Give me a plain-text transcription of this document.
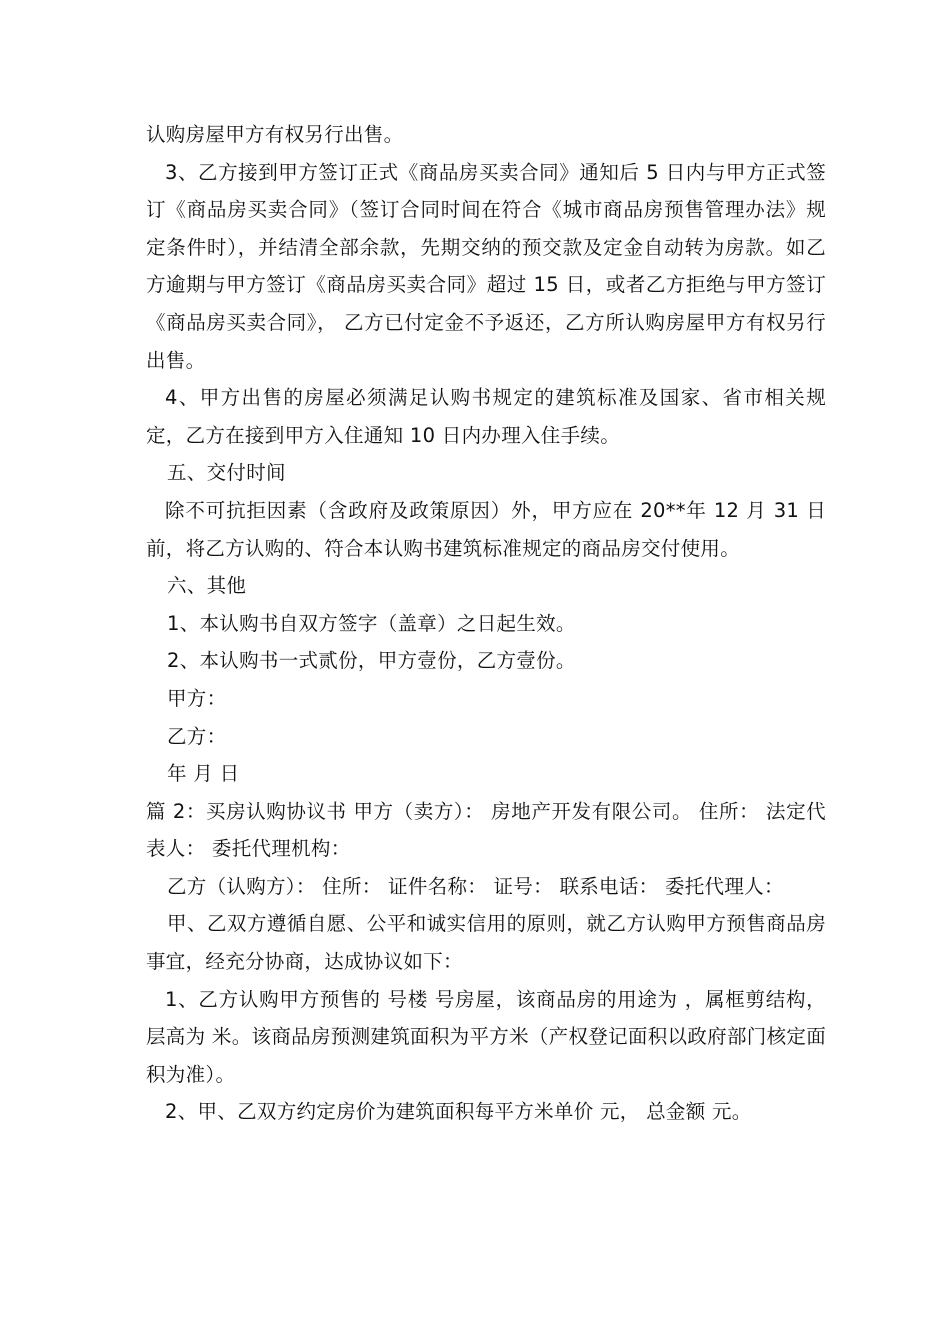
认购房屋甲方有权另行出售。

3、乙方接到甲方签订正式《商品房买卖合同》通知后 5 日内与甲方正式签订《商品房买卖合同》（签订合同时间在符合《城市商品房预售管理办法》规定条件时），并结清全部余款，先期交纳的预交款及定金自动转为房款。如乙方逾期与甲方签订《商品房买卖合同》超过 15 日，或者乙方拒绝与甲方签订《商品房买卖合同》， 乙方已付定金不予返还，乙方所认购房屋甲方有权另行出售。

4、甲方出售的房屋必须满足认购书规定的建筑标准及国家、省市相关规定，乙方在接到甲方入住通知 10 日内办理入住手续。

五、交付时间

除不可抗拒因素（含政府及政策原因）外，甲方应在 20**年 12 月 31 日前，将乙方认购的、符合本认购书建筑标准规定的商品房交付使用。

六、其他

1、本认购书自双方签字（盖章）之日起生效。

2、本认购书一式贰份，甲方壹份，乙方壹份。

甲方：

乙方：

年 月 日

篇 2：买房认购协议书 甲方（卖方）： 房地产开发有限公司。 住所： 法定代表人： 委托代理机构：

乙方（认购方）： 住所： 证件名称： 证号： 联系电话： 委托代理人：

甲、乙双方遵循自愿、公平和诚实信用的原则，就乙方认购甲方预售商品房事宜，经充分协商，达成协议如下：

1、乙方认购甲方预售的 号楼 号房屋，该商品房的用途为 ，属框剪结构，层高为 米。该商品房预测建筑面积为平方米（产权登记面积以政府部门核定面积为准）。

2、甲、乙双方约定房价为建筑面积每平方米单价 元， 总金额 元。
